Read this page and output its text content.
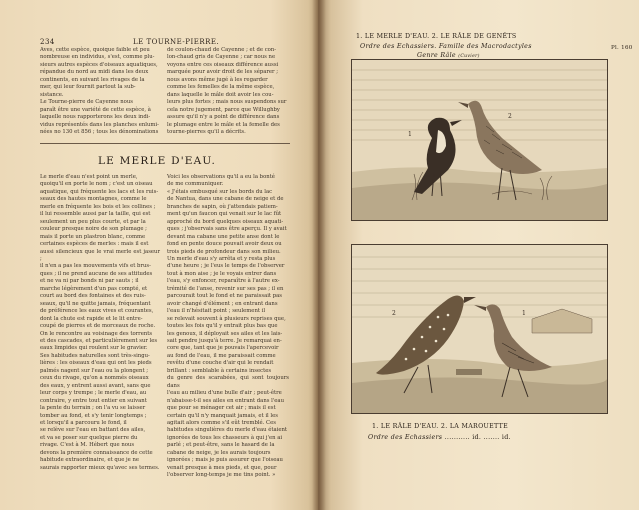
234	LE TOURNE-PIERRE.

Aves, cette espèce, quoique faible et peu

nombreuse en individus, s'est, comme plu-

sieurs autres espèces d'oiseaux aquatiques,

répandue du nord au midi dans les deux

continents, en suivant les rivages de la

mer, qui leur fournit partout la sub-

sistance.

Le Tourne-pierre de Cayenne nous

paraît être une variété de cette espèce, à

laquelle nous rapporterons les deux indi-

vidus représentés dans les planches enlumi-

nées no 130 et 856 ; tous les dénominations

de coulon-chaud de Cayenne ; et de con-

lon-chaud gris de Cayenne ; car nous ne

voyons entre ces oiseaux différence aussi

marquée pour avoir droit de les séparer ;

nous avons même jugé à les regarder

comme les femelles de la même espèce,

dans laquelle le mâle doit avoir les cou-

leurs plus fortes ; mais nous suspendons sur

cela notre jugement, parce que Willughby

assure qu'il n'y a point de différence dans

le plumage entre le mâle et la femelle des

tourne-pierres qu'il a décrits.

LE MERLE D'EAU.

Le merle d'eau n'est point un merle,

quoiqu'il en porte le nom ; c'est un oiseau

aquatique, qui fréquente les lacs et les ruis-

seaux des hautes montagnes, comme le

merle en fréquente les bois et les collines ;

il lui ressemble aussi par la taille, qui est

seulement un peu plus courte, et par la

couleur presque noire de son plumage ;

mais il porte un plastron blanc, comme

certaines espèces de merles : mais il est

aussi silencieux que le vrai merle est jaseur ;

il n'en a pas les mouvements vifs et brus-

ques ; il ne prend aucune de ses attitudes

et ne va ni par bonds ni par sauts ; il

marche légèrement d'un pas compté, et

court au bord des fontaines et des ruis-

seaux, qu'il ne quitte jamais, fréquentant

de préférence les eaux vives et courantes,

dont la chute est rapide et le lit entre-

coupé de pierres et de morceaux de roche.

On le rencontre au voisinage des torrents

et des cascades, et particulièrement sur les

eaux limpides qui roulent sur le gravier.

Ses habitudes naturelles sont très-singu-

lières : les oiseaux d'eau qui ont les pieds

palmés nagent sur l'eau ou la plongent ;

ceux du rivage, qu'on a nommés oiseaux

des eaux, y entrent aussi avant, sans que

leur corps y trempe ; le merle d'eau, au

contraire, y entre tout entier en suivant

la pente du terrain ; on l'a vu se laisser

tomber au fond, et s'y tenir longtemps ;

et lorsqu'il a parcouru le fond, il

se relève sur l'eau en battant des ailes,

et va se poser sur quelque pierre du

rivage. C'est à M. Hébert que nous

devons la première connaissance de cette

habitude extraordinaire, et que je ne

saurais rapporter mieux qu'avec ses termes.

Voici les observations qu'il a eu la bonté

de me communiquer.

« J'étais embusqué sur les bords du lac

de Nantua, dans une cabane de neige et de

branches de sapin, où j'attendais patiem-

ment qu'un faucon qui venait sur le lac fût

approché du bord quelques oiseaux aquati-

ques ; j'observais sans être aperçu. Il y avait

devant ma cabane une petite anse dont le

fond en pente douce pouvait avoir deux ou

trois pieds de profondeur dans son milieu.

Un merle d'eau s'y arrêta et y resta plus

d'une heure ; je l'eus le temps de l'observer

tout à mon aise ; je le voyais entrer dans

l'eau, s'y enfoncer, reparaître à l'autre ex-

trémité de l'anse, revenir sur ses pas ; il en

parcourait tout le fond et ne paraissait pas

avoir changé d'élément ; en entrant dans

l'eau il n'hésitait point ; seulement il

se relevait souvent à plusieurs reprises que,

toutes les fois qu'il y entrait plus bas que

les genoux, il déployait ses ailes et les lais-

sait pendre jusqu'à terre. Je remarquai en-

core que, tant que je pouvais l'apercevoir

au fond de l'eau, il me paraissait comme

revêtu d'une couche d'air qui le rendait

brillant : semblable à certains insectes

du genre des scarabées, qui sont toujours dans

l'eau au milieu d'une bulle d'air ; peut-être

n'abaisse-t-il ses ailes en entrant dans l'eau

que pour se ménager cet air ; mais il est

certain qu'il n'y manquait jamais, et il les

agitait alors comme s'il eût tremblé. Ces

habitudes singulières du merle d'eau étaient

ignorées de tous les chasseurs à qui j'en ai

parlé ; et peut-être, sans le hasard de la

cabane de neige, je les aurais toujours

ignorées ; mais je puis assurer que l'oiseau

venait presque à mes pieds, et que, pour

l'observer long-temps je me tins point. »

1. LE MERLE D'EAU. 2. LE RÂLE DE GENÊTS
Ordre des Echassiers. Famille des Macrodactyles
Genre Râle (Cuvier)
Pl. 160
1
2
2	1
1. LE RÂLE D'EAU. 2. LA MAROUETTE
Ordre des Echassiers ........... id. ....... id.
